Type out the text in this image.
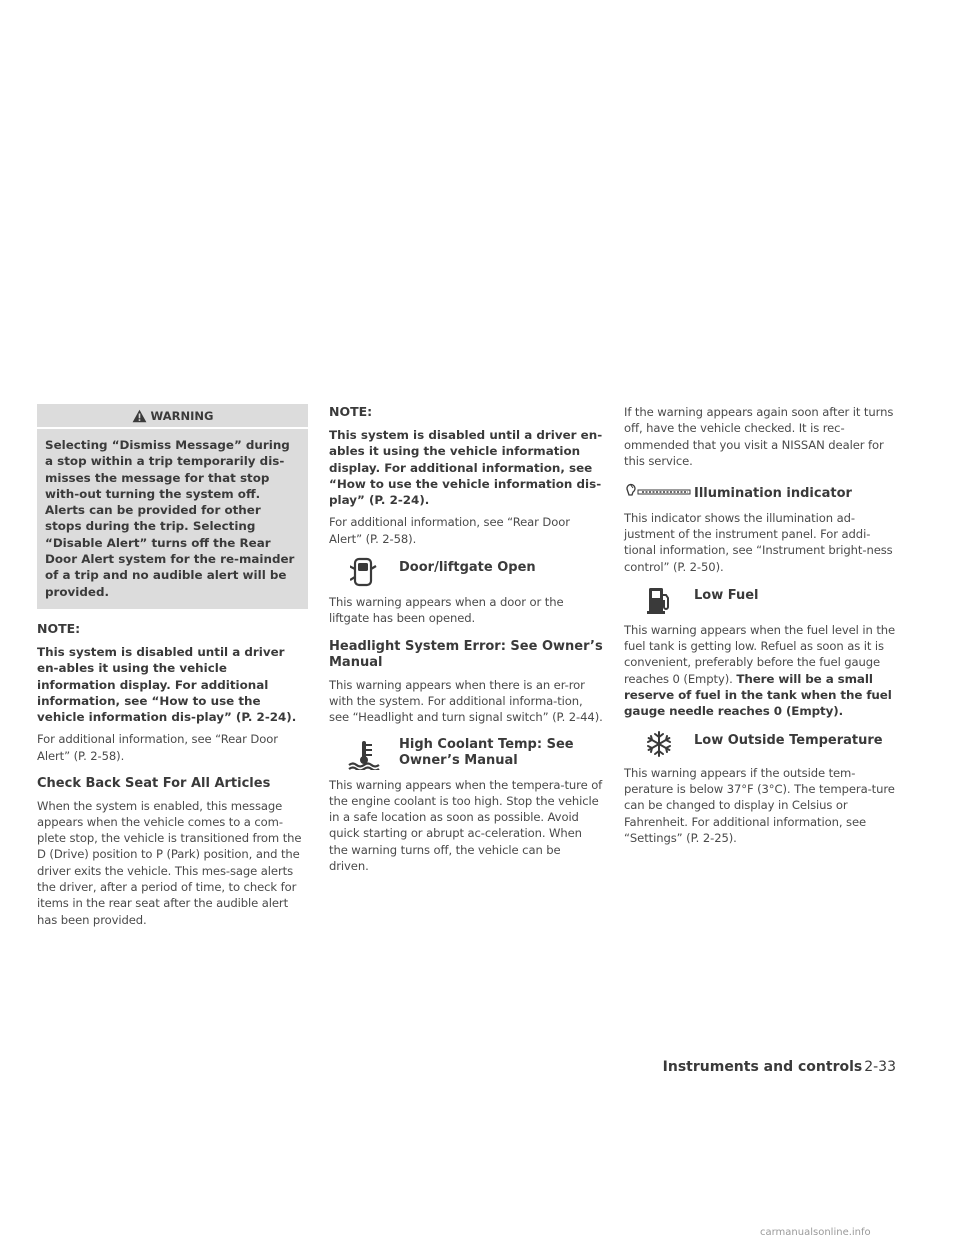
WARNING

Selecting “Dismiss Message” during a stop within a trip temporarily dis-misses the message for that stop with-out turning the system off. Alerts can be provided for other stops during the trip. Selecting “Disable Alert” turns off the Rear Door Alert system for the re-mainder of a trip and no audible alert will be provided.

NOTE:

This system is disabled until a driver en-ables it using the vehicle information display. For additional information, see “How to use the vehicle information dis-play” (P. 2-24).

For additional information, see “Rear Door Alert” (P. 2-58).

Check Back Seat For All Articles

When the system is enabled, this message appears when the vehicle comes to a com-plete stop, the vehicle is transitioned from the D (Drive) position to P (Park) position, and the driver exits the vehicle. This mes-sage alerts the driver, after a period of time, to check for items in the rear seat after the audible alert has been provided.

NOTE:

This system is disabled until a driver en-ables it using the vehicle information display. For additional information, see “How to use the vehicle information dis-play” (P. 2-24).

For additional information, see “Rear Door Alert” (P. 2-58).

Door/liftgate Open

This warning appears when a door or the liftgate has been opened.

Headlight System Error: See Owner’s Manual

This warning appears when there is an er-ror with the system. For additional informa-tion, see “Headlight and turn signal switch” (P. 2-44).

High Coolant Temp: See Owner’s Manual

This warning appears when the tempera-ture of the engine coolant is too high. Stop the vehicle in a safe location as soon as possible. Avoid quick starting or abrupt ac-celeration. When the warning turns off, the vehicle can be driven.

If the warning appears again soon after it turns off, have the vehicle checked. It is rec-ommended that you visit a NISSAN dealer for this service.

Illumination indicator

This indicator shows the illumination ad-justment of the instrument panel. For addi-tional information, see “Instrument bright-ness control” (P. 2-50).

Low Fuel

This warning appears when the fuel level in the fuel tank is getting low. Refuel as soon as it is convenient, preferably before the fuel gauge reaches 0 (Empty). There will be a small reserve of fuel in the tank when the fuel gauge needle reaches 0 (Empty).

Low Outside Temperature

This warning appears if the outside tem-perature is below 37°F (3°C). The tempera-ture can be changed to display in Celsius or Fahrenheit. For additional information, see “Settings” (P. 2-25).

Instruments and controls 2-33
carmanualsonline.info
